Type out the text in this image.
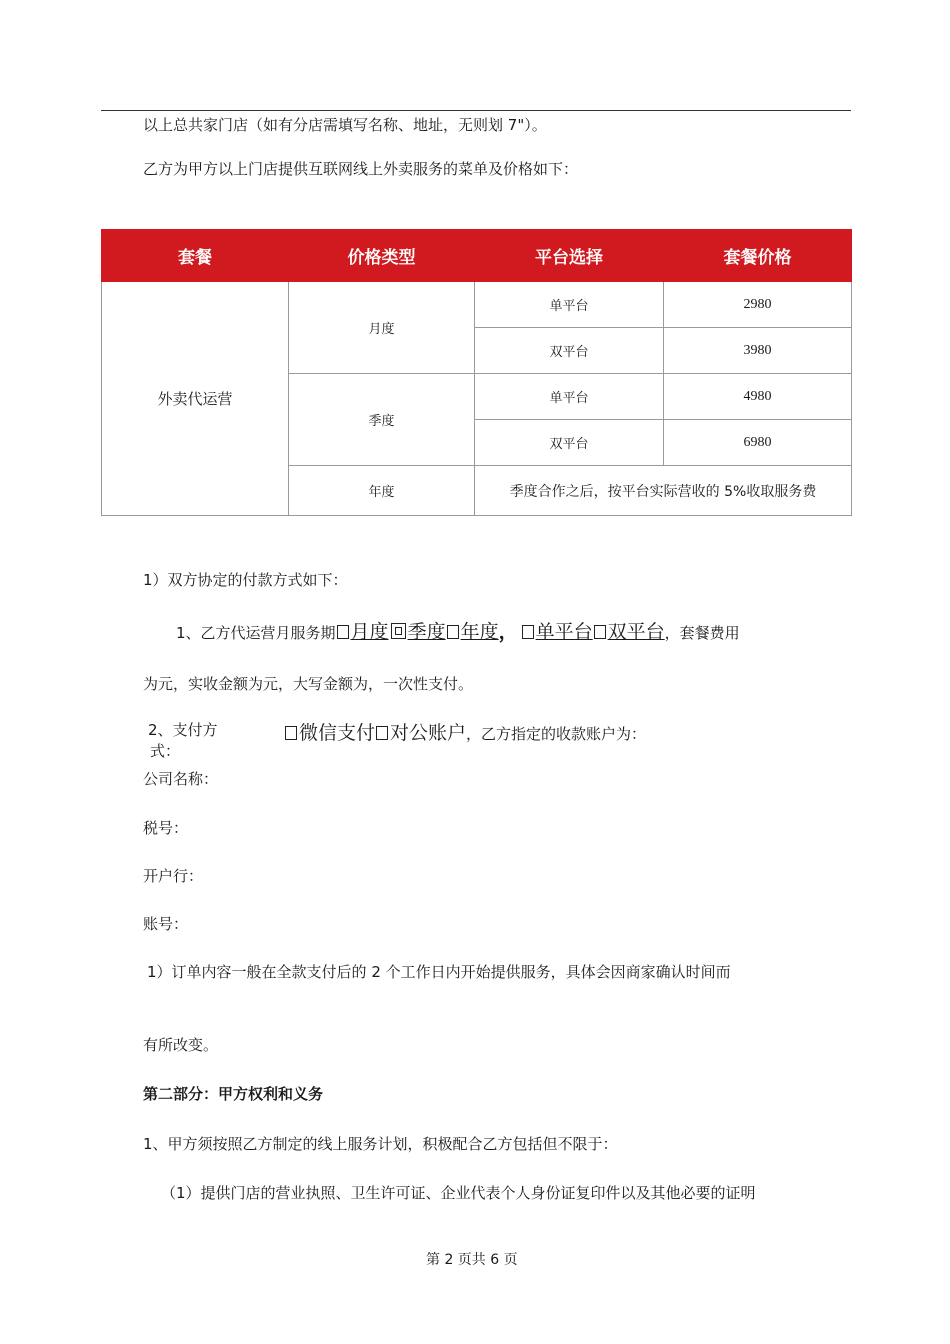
以上总共家门店（如有分店需填写名称、地址，无则划 7"）。
乙方为甲方以上门店提供互联网线上外卖服务的菜单及价格如下：
套餐	价格类型	平台选择	套餐价格
外卖代运营	月度	单平台	2980
		双平台	3980
	季度	单平台	4980
		双平台	6980
	年度	季度合作之后，按平台实际营收的 5%收取服务费	
1）双方协定的付款方式如下：
1、乙方代运营月服务期 月度 季度 年度， 单平台 双平台，套餐费用
为元，实收金额为元，大写金额为，一次性支付。
2、支付方
式：
微信支付 对公账户，乙方指定的收款账户为：
公司名称：
税号：
开户行：
账号：
1）订单内容一般在全款支付后的 2 个工作日内开始提供服务，具体会因商家确认时间而
有所改变。
第二部分：甲方权利和义务
1、甲方须按照乙方制定的线上服务计划，积极配合乙方包括但不限于：
（1）提供门店的营业执照、卫生许可证、企业代表个人身份证复印件以及其他必要的证明
第 2 页共 6 页
